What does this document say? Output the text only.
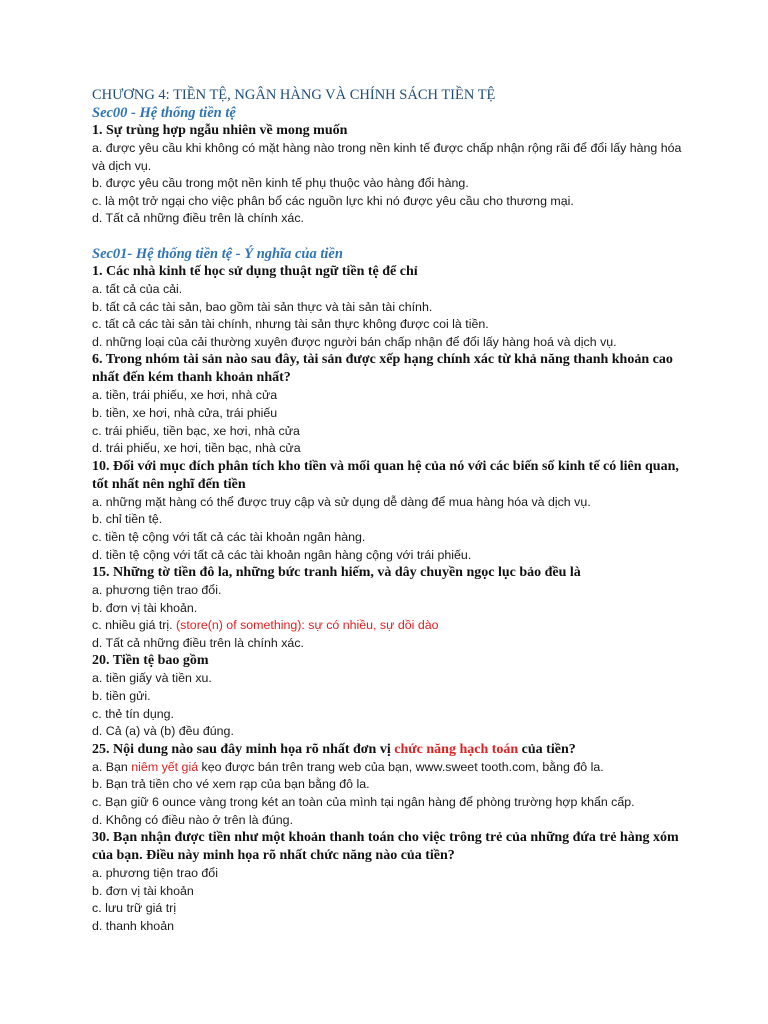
CHƯƠNG 4: TIỀN TỆ, NGÂN HÀNG VÀ CHÍNH SÁCH TIỀN TỆ
Sec00 - Hệ thống tiền tệ
1. Sự trùng hợp ngẫu nhiên về mong muốn
a. được yêu cầu khi không có mặt hàng nào trong nền kinh tế được chấp nhận rộng rãi để đổi lấy hàng hóa và dịch vụ.
b. được yêu cầu trong một nền kinh tế phụ thuộc vào hàng đổi hàng.
c. là một trở ngại cho việc phân bổ các nguồn lực khi nó được yêu cầu cho thương mại.
d. Tất cả những điều trên là chính xác.
Sec01- Hệ thống tiền tệ - Ý nghĩa của tiền
1. Các nhà kinh tế học sử dụng thuật ngữ tiền tệ để chỉ
a. tất cả của cải.
b. tất cả các tài sản, bao gồm tài sản thực và tài sản tài chính.
c. tất cả các tài sản tài chính, nhưng tài sản thực không được coi là tiền.
d. những loại của cải thường xuyên được người bán chấp nhận để đổi lấy hàng hoá và dịch vụ.
6. Trong nhóm tài sản nào sau đây, tài sản được xếp hạng chính xác từ khả năng thanh khoản cao nhất đến kém thanh khoản nhất?
a. tiền, trái phiếu, xe hơi, nhà cửa
b. tiền, xe hơi, nhà cửa, trái phiếu
c. trái phiếu, tiền bạc, xe hơi, nhà cửa
d. trái phiếu, xe hơi, tiền bạc, nhà cửa
10. Đối với mục đích phân tích kho tiền và mối quan hệ của nó với các biến số kinh tế có liên quan, tốt nhất nên nghĩ đến tiền
a. những mặt hàng có thể được truy cập và sử dụng dễ dàng để mua hàng hóa và dịch vụ.
b. chỉ tiền tệ.
c. tiền tệ cộng với tất cả các tài khoản ngân hàng.
d. tiền tệ cộng với tất cả các tài khoản ngân hàng cộng với trái phiếu.
15. Những tờ tiền đô la, những bức tranh hiếm, và dây chuyền ngọc lục bảo đều là
a. phương tiện trao đổi.
b. đơn vị tài khoản.
c. nhiều giá trị. (store(n) of something): sự có nhiều, sự dồi dào
d. Tất cả những điều trên là chính xác.
20. Tiền tệ bao gồm
a. tiền giấy và tiền xu.
b. tiền gửi.
c. thẻ tín dụng.
d. Cả (a) và (b) đều đúng.
25. Nội dung nào sau đây minh họa rõ nhất đơn vị chức năng hạch toán của tiền?
a. Bạn niêm yết giá kẹo được bán trên trang web của bạn, www.sweet tooth.com, bằng đô la.
b. Bạn trả tiền cho vé xem rạp của bạn bằng đô la.
c. Bạn giữ 6 ounce vàng trong két an toàn của mình tại ngân hàng để phòng trường hợp khẩn cấp.
d. Không có điều nào ở trên là đúng.
30. Bạn nhận được tiền như một khoản thanh toán cho việc trông trẻ của những đứa trẻ hàng xóm của bạn. Điều này minh họa rõ nhất chức năng nào của tiền?
a. phương tiện trao đổi
b. đơn vị tài khoản
c. lưu trữ giá trị
d. thanh khoản
